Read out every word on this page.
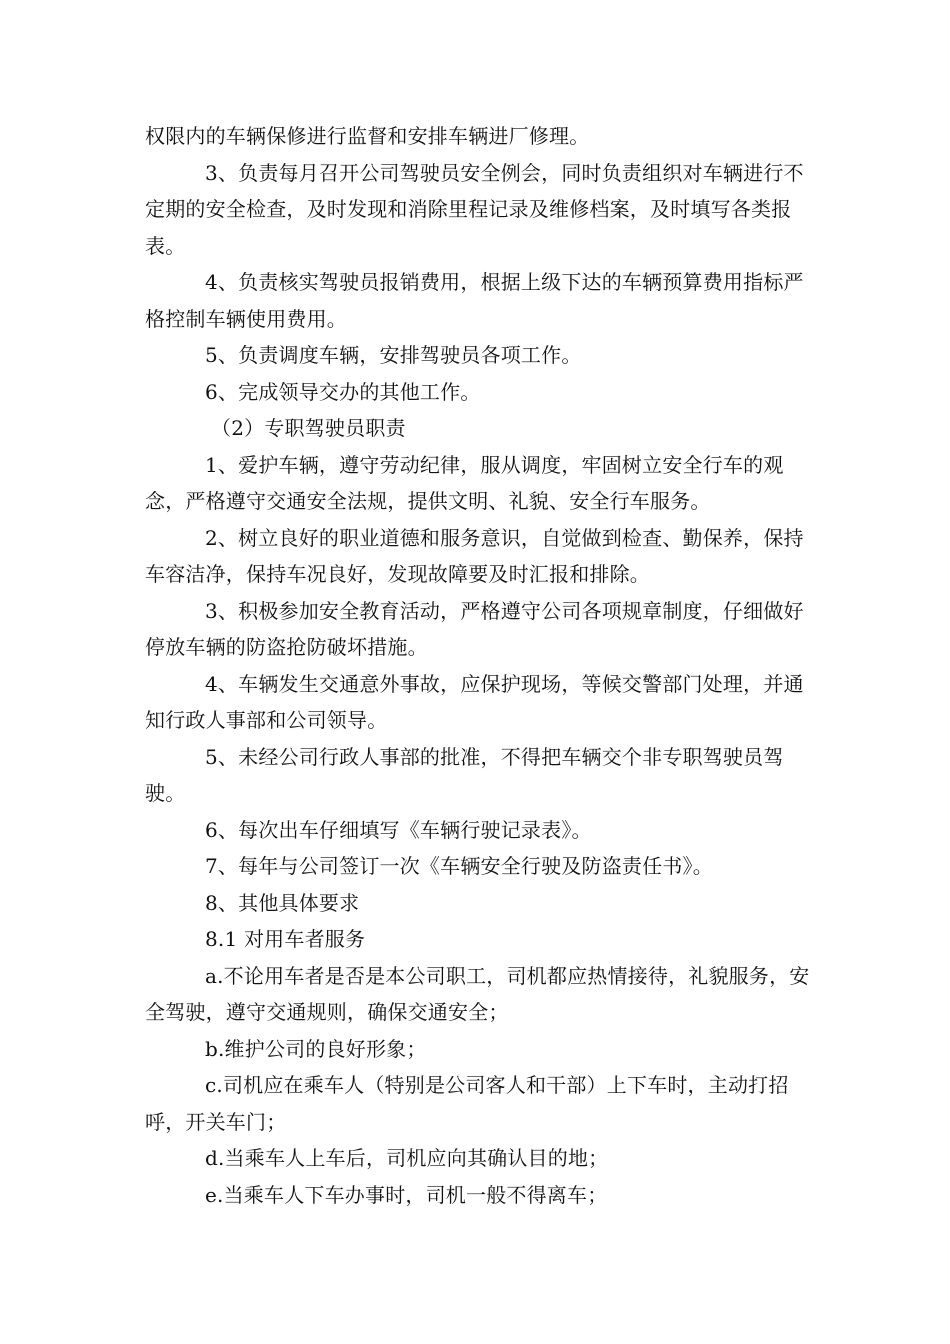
权限内的车辆保修进行监督和安排车辆进厂修理。

3、负责每月召开公司驾驶员安全例会，同时负责组织对车辆进行不定期的安全检查，及时发现和消除里程记录及维修档案，及时填写各类报表。

4、负责核实驾驶员报销费用，根据上级下达的车辆预算费用指标严格控制车辆使用费用。

5、负责调度车辆，安排驾驶员各项工作。

6、完成领导交办的其他工作。

（2）专职驾驶员职责

1、爱护车辆，遵守劳动纪律，服从调度，牢固树立安全行车的观念，严格遵守交通安全法规，提供文明、礼貌、安全行车服务。

2、树立良好的职业道德和服务意识，自觉做到检查、勤保养，保持车容洁净，保持车况良好，发现故障要及时汇报和排除。

3、积极参加安全教育活动，严格遵守公司各项规章制度，仔细做好停放车辆的防盗抢防破坏措施。

4、车辆发生交通意外事故，应保护现场，等候交警部门处理，并通知行政人事部和公司领导。

5、未经公司行政人事部的批准，不得把车辆交个非专职驾驶员驾驶。

6、每次出车仔细填写《车辆行驶记录表》。

7、每年与公司签订一次《车辆安全行驶及防盗责任书》。

8、其他具体要求

8.1 对用车者服务

a.不论用车者是否是本公司职工，司机都应热情接待，礼貌服务，安全驾驶，遵守交通规则，确保交通安全；

b.维护公司的良好形象；

c.司机应在乘车人（特别是公司客人和干部）上下车时，主动打招呼，开关车门；

d.当乘车人上车后，司机应向其确认目的地；

e.当乘车人下车办事时，司机一般不得离车；
